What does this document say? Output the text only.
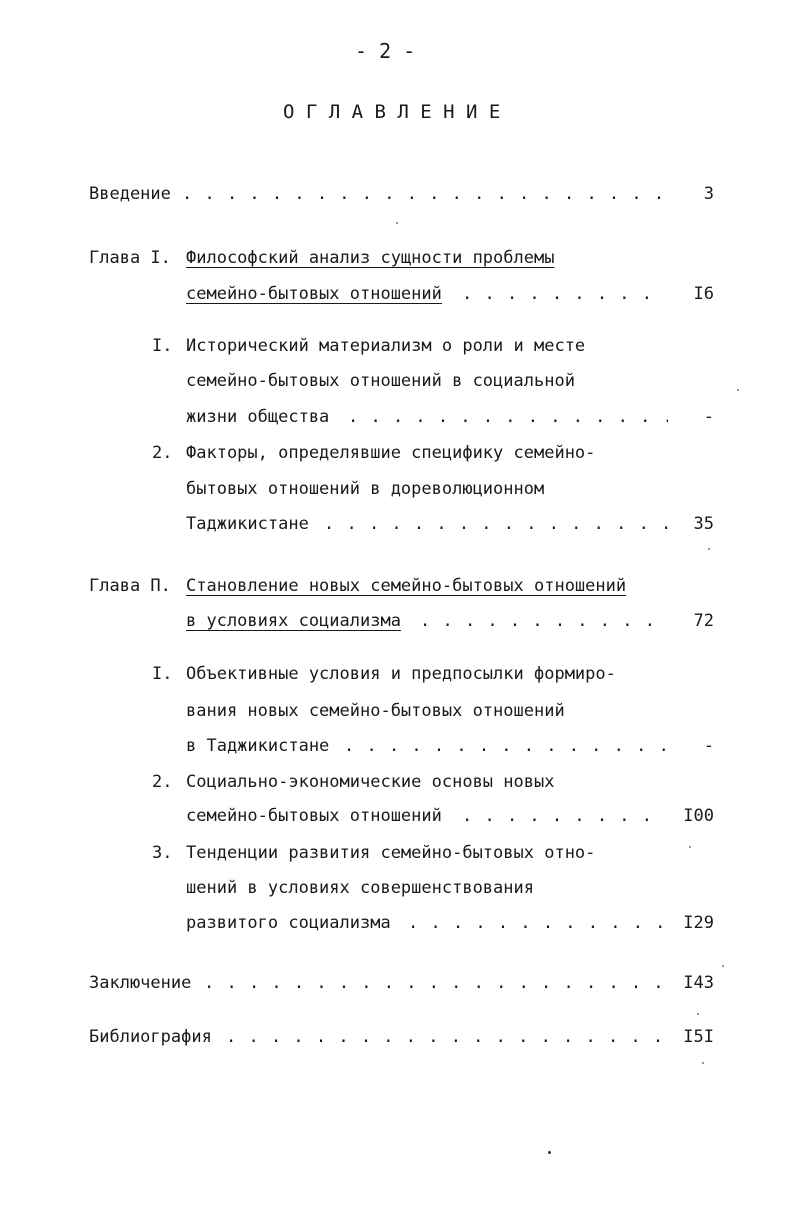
- 2 -
О Г Л А В Л Е Н И Е
Введение . . .	3
Глава I. Философский анализ сущности проблемы
семейно-бытовых отношений . . .	I6
I. Исторический материализм о роли и месте
семейно-бытовых отношений в социальной
жизни общества . . .	-
2. Факторы, определявшие специфику семейно-
бытовых отношений в дореволюционном
Таджикистане . . .	35
Глава П. Становление новых семейно-бытовых отношений
в условиях социализма . . .	72
I. Объективные условия и предпосылки формиро-
вания новых семейно-бытовых отношений
в Таджикистане . . .	-
2. Социально-экономические основы новых
семейно-бытовых отношений . . .	I00
3. Тенденции развития семейно-бытовых отно-
шений в условиях совершенствования
развитого социализма . . .	I29
Заключение . . .	I43
Библиография . . .	I5I
